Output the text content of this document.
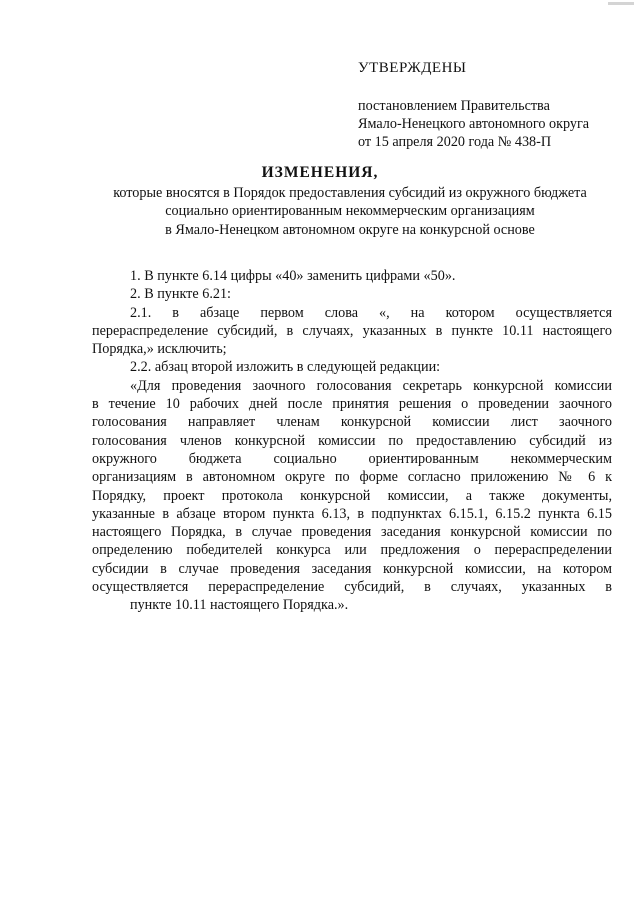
УТВЕРЖДЕНЫ
постановлением Правительства
Ямало-Ненецкого автономного округа
от 15 апреля 2020 года № 438-П
ИЗМЕНЕНИЯ,
которые вносятся в Порядок предоставления субсидий из окружного бюджета
социально ориентированным некоммерческим организациям
в Ямало-Ненецком автономном округе на конкурсной основе
1. В пункте 6.14 цифры «40» заменить цифрами «50».
2. В пункте 6.21:
2.1. в абзаце первом слова «, на котором осуществляется
перераспределение субсидий, в случаях, указанных в пункте 10.11 настоящего
Порядка,» исключить;
2.2. абзац второй изложить в следующей редакции:
«Для проведения заочного голосования секретарь конкурсной комиссии
в течение 10 рабочих дней после принятия решения о проведении заочного
голосования направляет членам конкурсной комиссии лист заочного
голосования членов конкурсной комиссии по предоставлению субсидий из
окружного бюджета социально ориентированным некоммерческим
организациям в автономном округе по форме согласно приложению № 6 к
Порядку, проект протокола конкурсной комиссии, а также документы,
указанные в абзаце втором пункта 6.13, в подпунктах 6.15.1, 6.15.2 пункта 6.15
настоящего Порядка, в случае проведения заседания конкурсной комиссии по
определению победителей конкурса или предложения о перераспределении
субсидии в случае проведения заседания конкурсной комиссии, на котором
осуществляется перераспределение субсидий, в случаях, указанных в
пункте 10.11 настоящего Порядка.».
